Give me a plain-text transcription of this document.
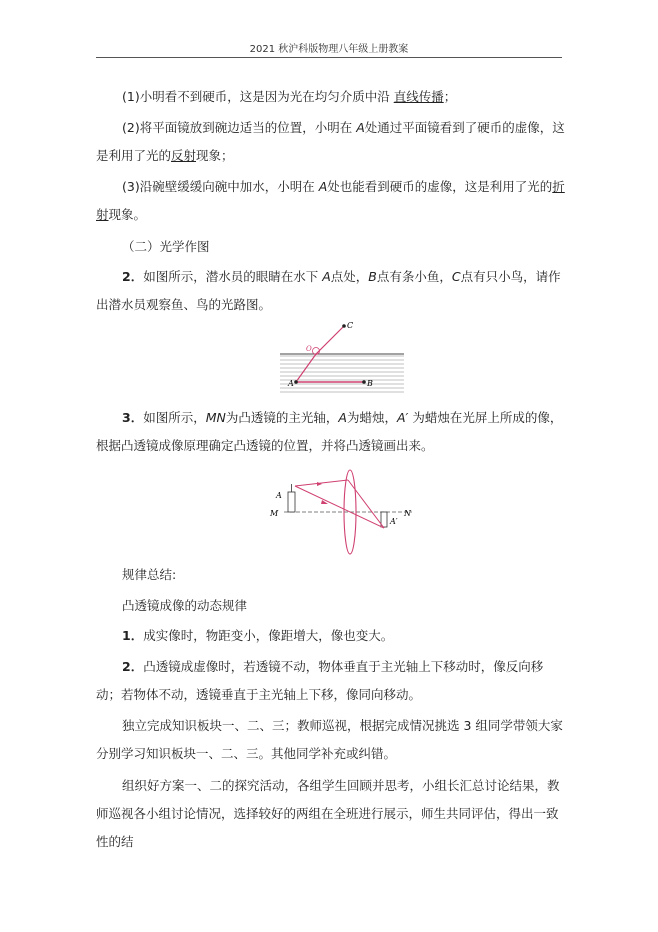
2021 秋沪科版物理八年级上册教案

(1)小明看不到硬币，这是因为光在均匀介质中沿 直线传播；

(2)将平面镜放到碗边适当的位置，小明在 A处通过平面镜看到了硬币的虚像，这是利用了光的反射现象；

(3)沿碗壁缓缓向碗中加水，小明在 A处也能看到硬币的虚像，这是利用了光的折射现象。

（二）光学作图

2．如图所示，潜水员的眼睛在水下 A点处，B点有条小鱼，C点有只小鸟，请作出潜水员观察鱼、鸟的光路图。

A	B
C
O

3．如图所示，MN为凸透镜的主光轴，A为蜡烛，A′ 为蜡烛在光屏上所成的像，根据凸透镜成像原理确定凸透镜的位置，并将凸透镜画出来。

A
M	N
A′

规律总结:

凸透镜成像的动态规律

1．成实像时，物距变小，像距增大，像也变大。

2．凸透镜成虚像时，若透镜不动，物体垂直于主光轴上下移动时，像反向移动；若物体不动，透镜垂直于主光轴上下移，像同向移动。

独立完成知识板块一、二、三；教师巡视，根据完成情况挑选 3 组同学带领大家分别学习知识板块一、二、三。其他同学补充或纠错。

组织好方案一、二的探究活动，各组学生回顾并思考，小组长汇总讨论结果，教师巡视各小组讨论情况，选择较好的两组在全班进行展示，师生共同评估，得出一致性的结
